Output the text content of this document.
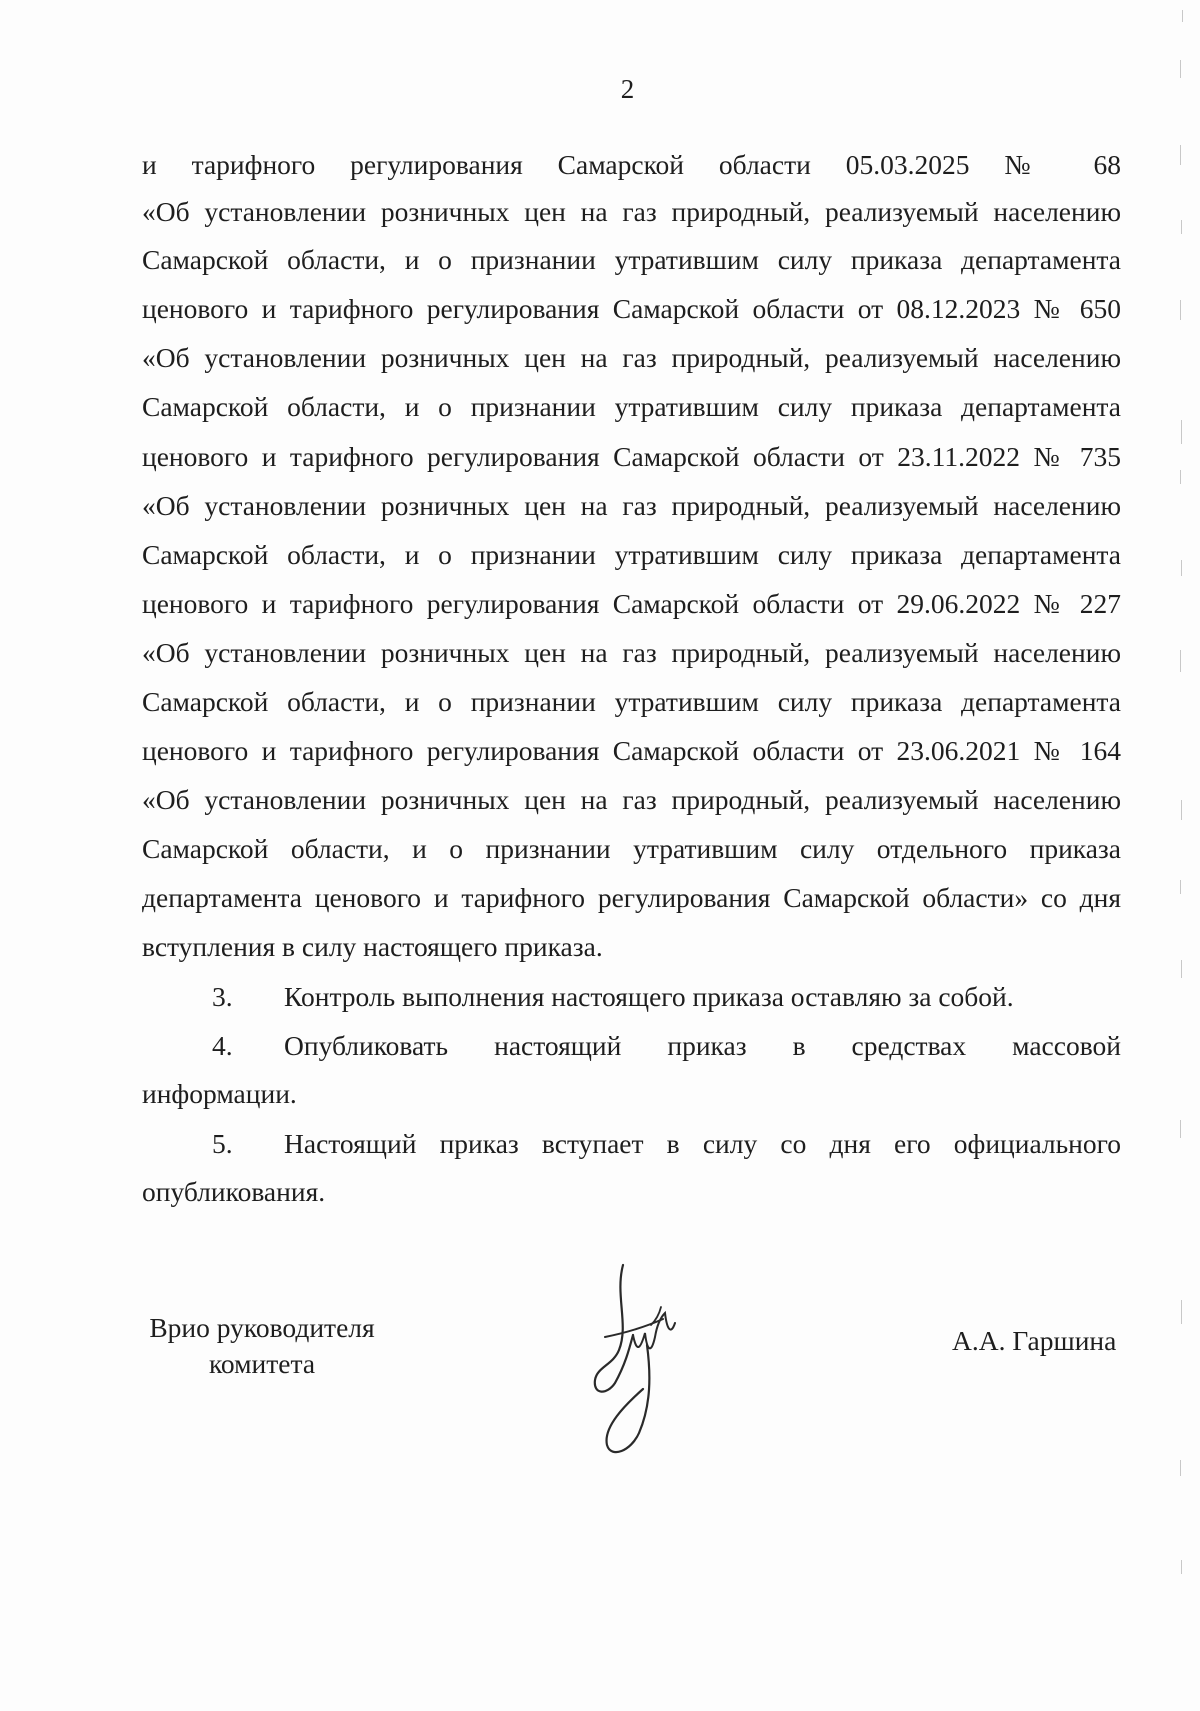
2
и тарифного регулирования Самарской области 05.03.2025 № 68
«Об установлении розничных цен на газ природный, реализуемый населению
Самарской области, и о признании утратившим силу приказа департамента
ценового и тарифного регулирования Самарской области от 08.12.2023 № 650
«Об установлении розничных цен на газ природный, реализуемый населению
Самарской области, и о признании утратившим силу приказа департамента
ценового и тарифного регулирования Самарской области от 23.11.2022 № 735
«Об установлении розничных цен на газ природный, реализуемый населению
Самарской области, и о признании утратившим силу приказа департамента
ценового и тарифного регулирования Самарской области от 29.06.2022 № 227
«Об установлении розничных цен на газ природный, реализуемый населению
Самарской области, и о признании утратившим силу приказа департамента
ценового и тарифного регулирования Самарской области от 23.06.2021 № 164
«Об установлении розничных цен на газ природный, реализуемый населению
Самарской области, и о признании утратившим силу отдельного приказа
департамента ценового и тарифного регулирования Самарской области» со дня
вступления в силу настоящего приказа.
3.	Контроль выполнения настоящего приказа оставляю за собой.
4.	Опубликовать настоящий приказ в средствах массовой
информации.
5.	Настоящий приказ вступает в силу со дня его официального
опубликования.
Врио руководителя
комитета
А.А. Гаршина
